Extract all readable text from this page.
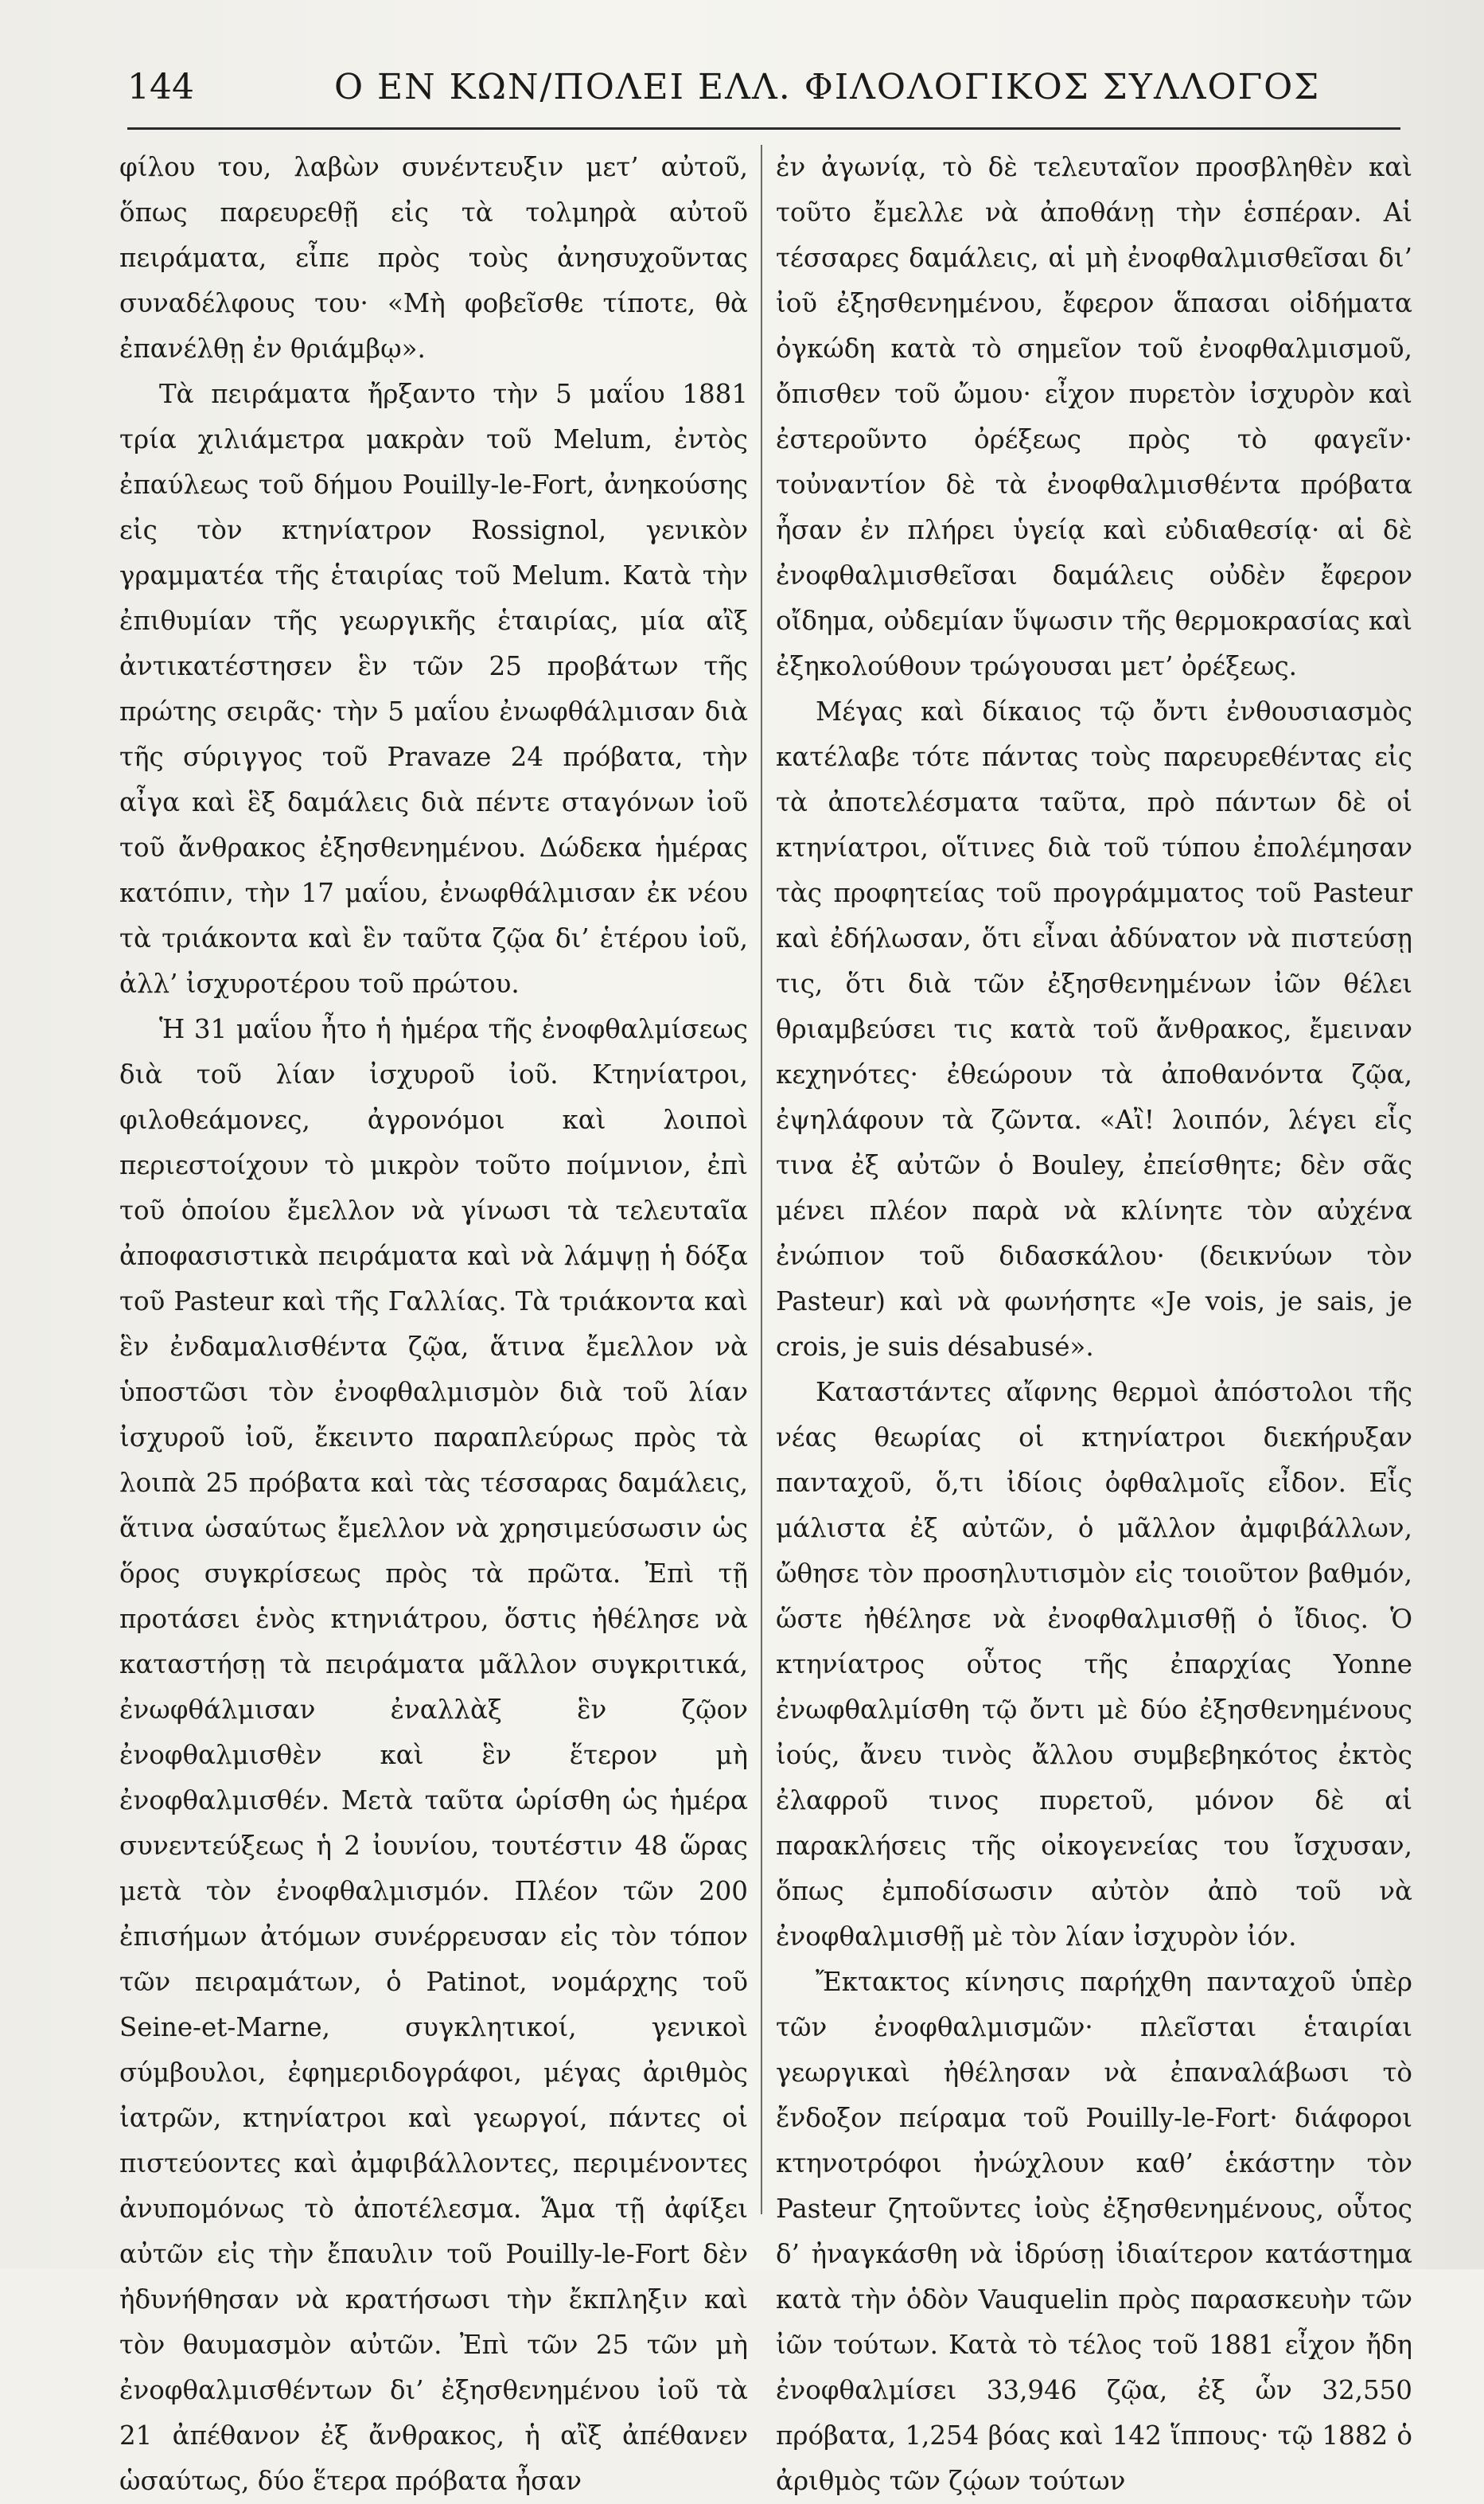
144	Ο ΕΝ ΚΩΝ/ΠΟΛΕΙ ΕΛΛ. ΦΙΛΟΛΟΓΙΚΟΣ ΣΥΛΛΟΓΟΣ

φίλου του, λαβὼν συνέντευξιν μετ’ αὐτοῦ, ὅπως παρευρεθῇ εἰς τὰ τολμηρὰ αὐτοῦ πειράματα, εἶπε πρὸς τοὺς ἀνησυχοῦντας συναδέλφους του· «Μὴ φοβεῖσθε τίποτε, θὰ ἐπανέλθῃ ἐν θριάμβῳ».

Τὰ πειράματα ἤρξαντο τὴν 5 μαΐου 1881 τρία χιλιάμετρα μακρὰν τοῦ Melum, ἐντὸς ἐπαύλεως τοῦ δήμου Pouilly-le-Fort, ἀνηκούσης εἰς τὸν κτηνίατρον Rossignol, γενικὸν γραμματέα τῆς ἑταιρίας τοῦ Melum. Κατὰ τὴν ἐπιθυμίαν τῆς γεωργικῆς ἑταιρίας, μία αἲξ ἀντικατέστησεν ἓν τῶν 25 προβάτων τῆς πρώτης σειρᾶς· τὴν 5 μαΐου ἐνωφθάλμισαν διὰ τῆς σύριγγος τοῦ Pravaze 24 πρόβατα, τὴν αἶγα καὶ ἓξ δαμάλεις διὰ πέντε σταγόνων ἰοῦ τοῦ ἄνθρακος ἐξησθενημένου. Δώδεκα ἡμέρας κατόπιν, τὴν 17 μαΐου, ἐνωφθάλμισαν ἐκ νέου τὰ τριάκοντα καὶ ἓν ταῦτα ζῷα δι’ ἑτέρου ἰοῦ, ἀλλ’ ἰσχυροτέρου τοῦ πρώτου.

Ἡ 31 μαΐου ἦτο ἡ ἡμέρα τῆς ἐνοφθαλμίσεως διὰ τοῦ λίαν ἰσχυροῦ ἰοῦ. Κτηνίατροι, φιλοθεάμονες, ἀγρονόμοι καὶ λοιποὶ περιεστοίχουν τὸ μικρὸν τοῦτο ποίμνιον, ἐπὶ τοῦ ὁποίου ἔμελλον νὰ γίνωσι τὰ τελευταῖα ἀποφασιστικὰ πειράματα καὶ νὰ λάμψῃ ἡ δόξα τοῦ Pasteur καὶ τῆς Γαλλίας. Τὰ τριάκοντα καὶ ἓν ἐνδαμαλισθέντα ζῷα, ἅτινα ἔμελλον νὰ ὑποστῶσι τὸν ἐνοφθαλμισμὸν διὰ τοῦ λίαν ἰσχυροῦ ἰοῦ, ἔκειντο παραπλεύρως πρὸς τὰ λοιπὰ 25 πρόβατα καὶ τὰς τέσσαρας δαμάλεις, ἅτινα ὡσαύτως ἔμελλον νὰ χρησιμεύσωσιν ὡς ὅρος συγκρίσεως πρὸς τὰ πρῶτα. Ἐπὶ τῇ προτάσει ἑνὸς κτηνιάτρου, ὅστις ἠθέλησε νὰ καταστήσῃ τὰ πειράματα μᾶλλον συγκριτικά, ἐνωφθάλμισαν ἐναλλὰξ ἓν ζῷον ἐνοφθαλμισθὲν καὶ ἓν ἕτερον μὴ ἐνοφθαλμισθέν. Μετὰ ταῦτα ὡρίσθη ὡς ἡμέρα συνεντεύξεως ἡ 2 ἰουνίου, τουτέστιν 48 ὥρας μετὰ τὸν ἐνοφθαλμισμόν. Πλέον τῶν 200 ἐπισήμων ἀτόμων συνέρρευσαν εἰς τὸν τόπον τῶν πειραμάτων, ὁ Patinot, νομάρχης τοῦ Seine-et-Marne, συγκλητικοί, γενικοὶ σύμβουλοι, ἐφημεριδογράφοι, μέγας ἀριθμὸς ἰατρῶν, κτηνίατροι καὶ γεωργοί, πάντες οἱ πιστεύοντες καὶ ἀμφιβάλλοντες, περιμένοντες ἀνυπομόνως τὸ ἀποτέλεσμα. Ἅμα τῇ ἀφίξει αὐτῶν εἰς τὴν ἔπαυλιν τοῦ Pouilly-le-Fort δὲν ἠδυνήθησαν νὰ κρατήσωσι τὴν ἔκπληξιν καὶ τὸν θαυμασμὸν αὐτῶν. Ἐπὶ τῶν 25 τῶν μὴ ἐνοφθαλμισθέντων δι’ ἐξησθενημένου ἰοῦ τὰ 21 ἀπέθανον ἐξ ἄνθρακος, ἡ αἲξ ἀπέθανεν ὡσαύτως, δύο ἕτερα πρόβατα ἦσαν

ἐν ἀγωνίᾳ, τὸ δὲ τελευταῖον προσβληθὲν καὶ τοῦτο ἔμελλε νὰ ἀποθάνῃ τὴν ἑσπέραν. Αἱ τέσσαρες δαμάλεις, αἱ μὴ ἐνοφθαλμισθεῖσαι δι’ ἰοῦ ἐξησθενημένου, ἔφερον ἅπασαι οἰδήματα ὀγκώδη κατὰ τὸ σημεῖον τοῦ ἐνοφθαλμισμοῦ, ὄπισθεν τοῦ ὤμου· εἶχον πυρετὸν ἰσχυρὸν καὶ ἐστεροῦντο ὀρέξεως πρὸς τὸ φαγεῖν· τοὐναντίον δὲ τὰ ἐνοφθαλμισθέντα πρόβατα ἦσαν ἐν πλήρει ὑγείᾳ καὶ εὐδιαθεσίᾳ· αἱ δὲ ἐνοφθαλμισθεῖσαι δαμάλεις οὐδὲν ἔφερον οἴδημα, οὐδεμίαν ὕψωσιν τῆς θερμοκρασίας καὶ ἐξηκολούθουν τρώγουσαι μετ’ ὀρέξεως.

Μέγας καὶ δίκαιος τῷ ὄντι ἐνθουσιασμὸς κατέλαβε τότε πάντας τοὺς παρευρεθέντας εἰς τὰ ἀποτελέσματα ταῦτα, πρὸ πάντων δὲ οἱ κτηνίατροι, οἵτινες διὰ τοῦ τύπου ἐπολέμησαν τὰς προφητείας τοῦ προγράμματος τοῦ Pasteur καὶ ἐδήλωσαν, ὅτι εἶναι ἀδύνατον νὰ πιστεύσῃ τις, ὅτι διὰ τῶν ἐξησθενημένων ἰῶν θέλει θριαμβεύσει τις κατὰ τοῦ ἄνθρακος, ἔμειναν κεχηνότες· ἐθεώρουν τὰ ἀποθανόντα ζῷα, ἐψηλάφουν τὰ ζῶντα. «Αἲ! λοιπόν, λέγει εἷς τινα ἐξ αὐτῶν ὁ Bouley, ἐπείσθητε; δὲν σᾶς μένει πλέον παρὰ νὰ κλίνητε τὸν αὐχένα ἐνώπιον τοῦ διδασκάλου· (δεικνύων τὸν Pasteur) καὶ νὰ φωνήσητε «Je vois, je sais, je crois, je suis désabusé».

Καταστάντες αἴφνης θερμοὶ ἀπόστολοι τῆς νέας θεωρίας οἱ κτηνίατροι διεκήρυξαν πανταχοῦ, ὅ,τι ἰδίοις ὀφθαλμοῖς εἶδον. Εἷς μάλιστα ἐξ αὐτῶν, ὁ μᾶλλον ἀμφιβάλλων, ὤθησε τὸν προσηλυτισμὸν εἰς τοιοῦτον βαθμόν, ὥστε ἠθέλησε νὰ ἐνοφθαλμισθῇ ὁ ἴδιος. Ὁ κτηνίατρος οὗτος τῆς ἐπαρχίας Yonne ἐνωφθαλμίσθη τῷ ὄντι μὲ δύο ἐξησθενημένους ἰούς, ἄνευ τινὸς ἄλλου συμβεβηκότος ἐκτὸς ἐλαφροῦ τινος πυρετοῦ, μόνον δὲ αἱ παρακλήσεις τῆς οἰκογενείας του ἴσχυσαν, ὅπως ἐμποδίσωσιν αὐτὸν ἀπὸ τοῦ νὰ ἐνοφθαλμισθῇ μὲ τὸν λίαν ἰσχυρὸν ἰόν.

Ἔκτακτος κίνησις παρήχθη πανταχοῦ ὑπὲρ τῶν ἐνοφθαλμισμῶν· πλεῖσται ἑταιρίαι γεωργικαὶ ἠθέλησαν νὰ ἐπαναλάβωσι τὸ ἔνδοξον πείραμα τοῦ Pouilly-le-Fort· διάφοροι κτηνοτρόφοι ἠνώχλουν καθ’ ἑκάστην τὸν Pasteur ζητοῦντες ἰοὺς ἐξησθενημένους, οὗτος δ’ ἠναγκάσθη νὰ ἱδρύσῃ ἰδιαίτερον κατάστημα κατὰ τὴν ὁδὸν Vauquelin πρὸς παρασκευὴν τῶν ἰῶν τούτων. Κατὰ τὸ τέλος τοῦ 1881 εἶχον ἤδη ἐνοφθαλμίσει 33,946 ζῷα, ἐξ ὧν 32,550 πρόβατα, 1,254 βόας καὶ 142 ἵππους· τῷ 1882 ὁ ἀριθμὸς τῶν ζῴων τούτων
